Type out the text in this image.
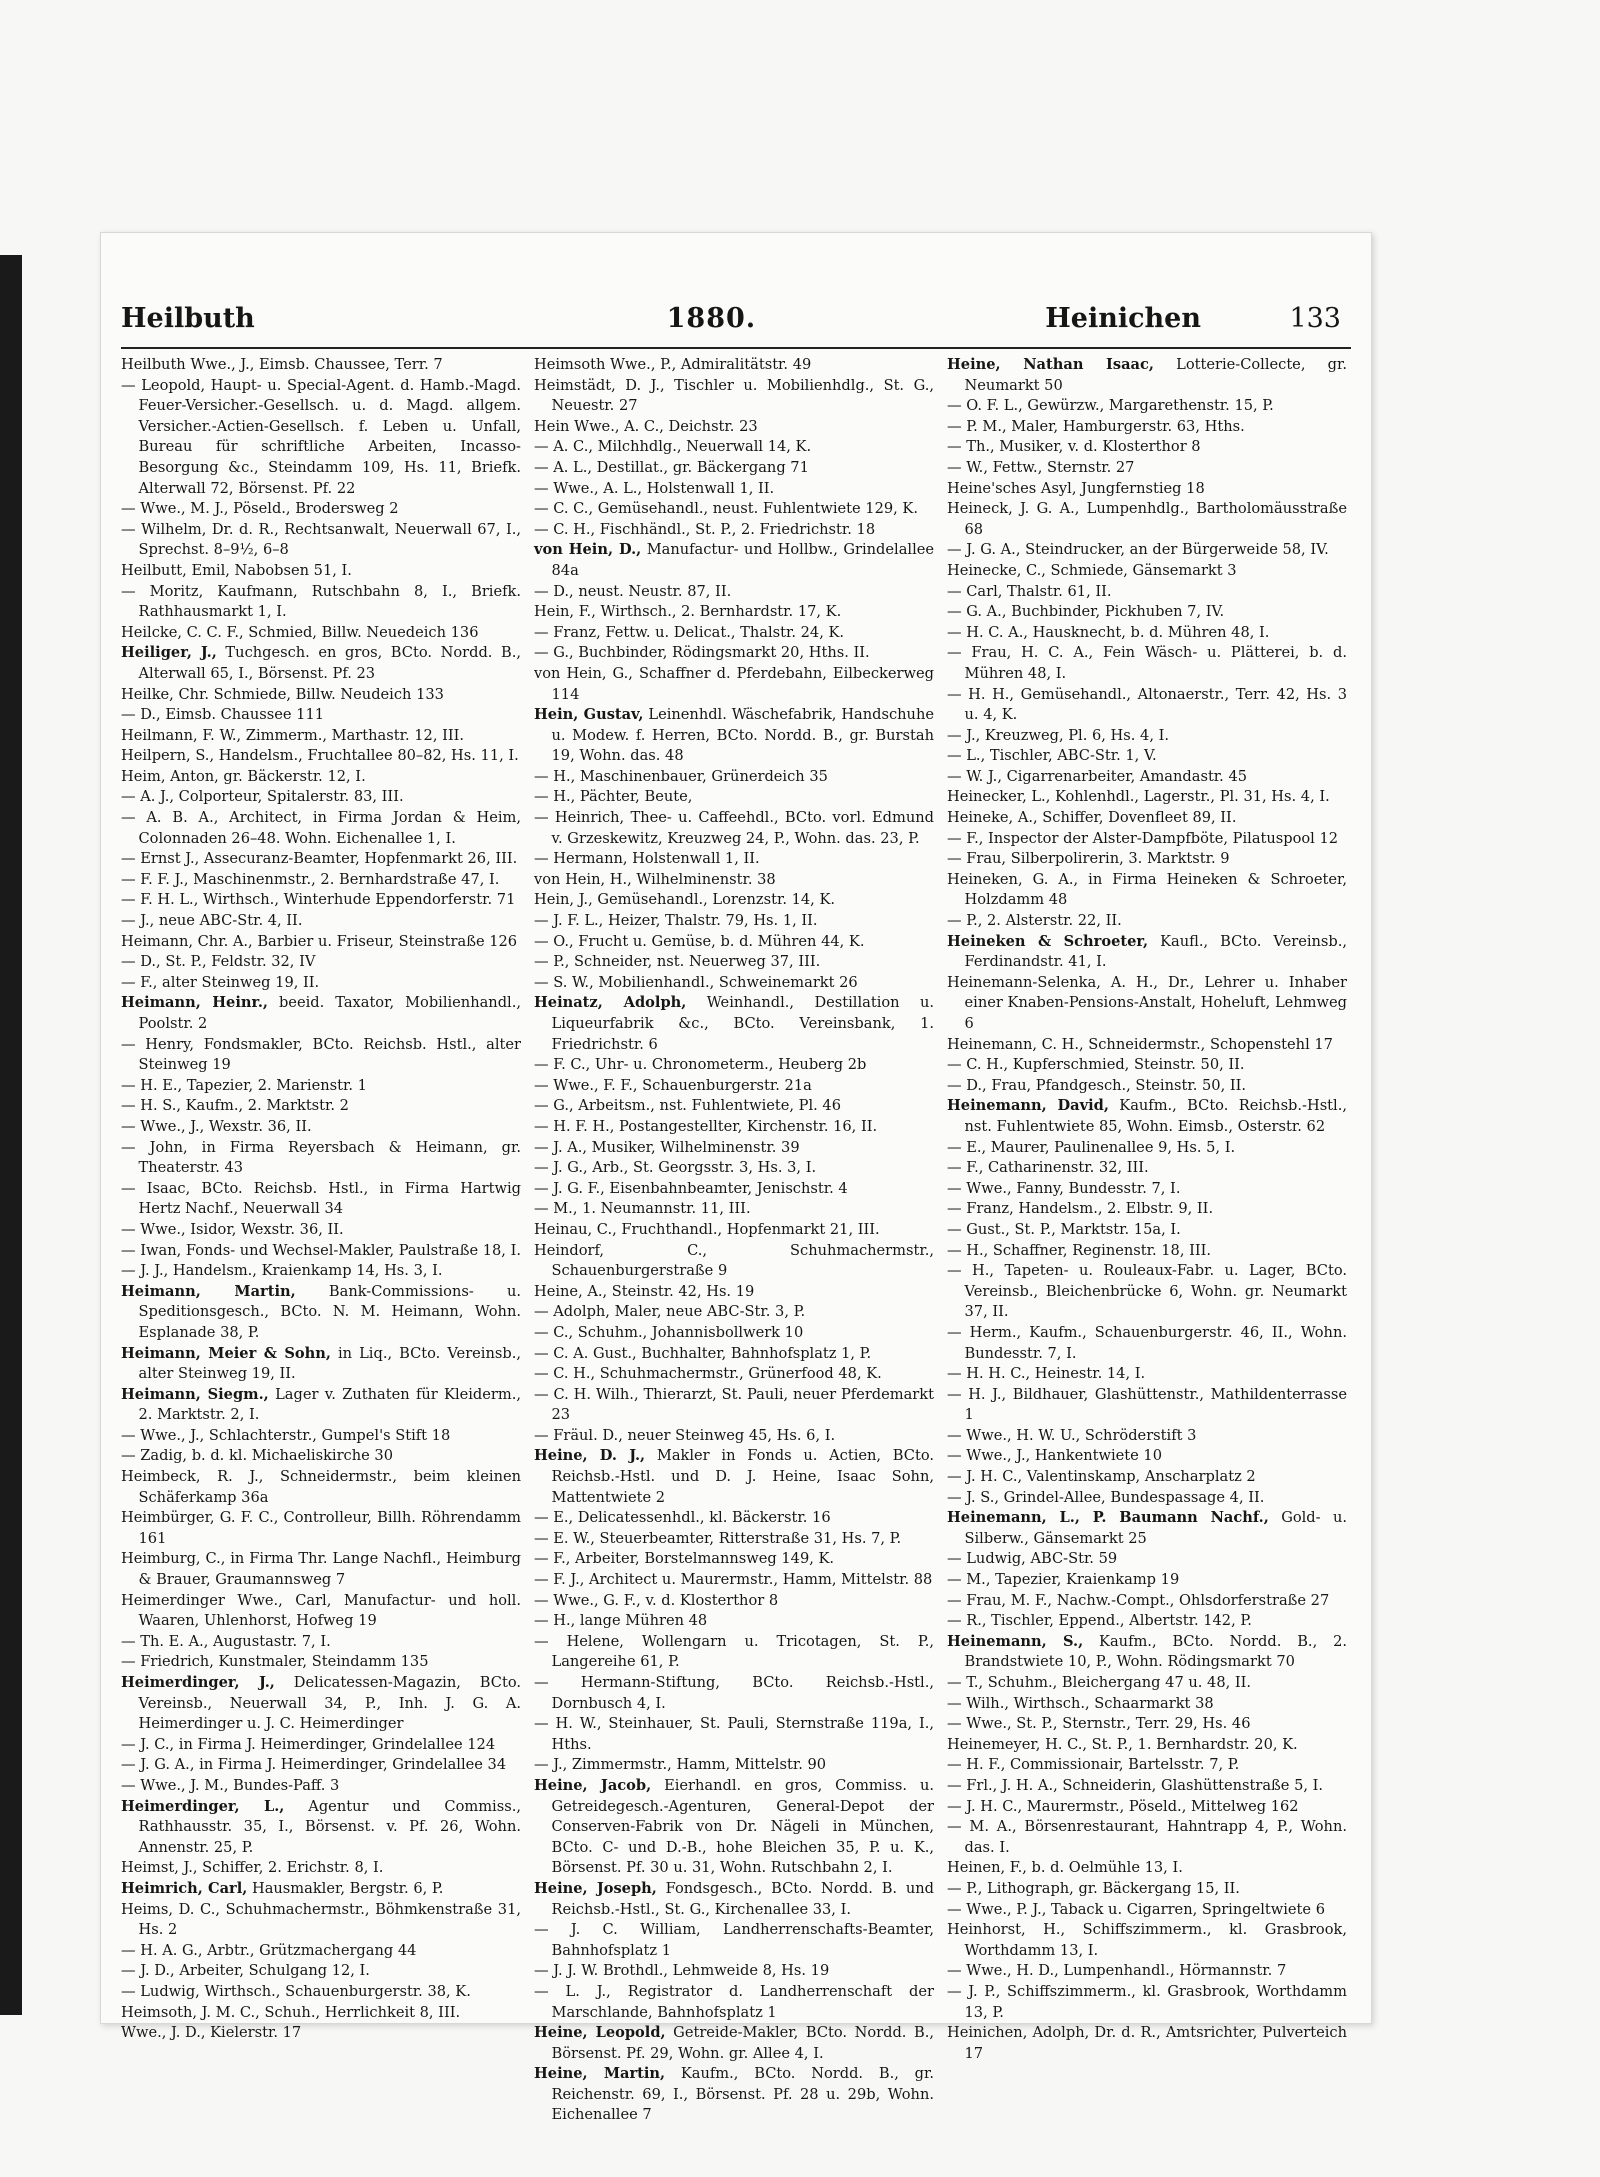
Heilbuth	1880.	Heinichen	133

Heilbuth Wwe., J., Eimsb. Chaussee, Terr. 7

— Leopold, Haupt- u. Special-Agent. d. Hamb.-Magd. Feuer-Versicher.-Gesellsch. u. d. Magd. allgem. Versicher.-Actien-Gesellsch. f. Leben u. Unfall, Bureau für schriftliche Arbeiten, Incasso-Besorgung &c., Steindamm 109, Hs. 11, Briefk. Alterwall 72, Börsenst. Pf. 22

— Wwe., M. J., Pöseld., Brodersweg 2

— Wilhelm, Dr. d. R., Rechtsanwalt, Neuerwall 67, I., Sprechst. 8–9½, 6–8

Heilbutt, Emil, Nabobsen 51, I.

— Moritz, Kaufmann, Rutschbahn 8, I., Briefk. Rathhausmarkt 1, I.

Heilcke, C. C. F., Schmied, Billw. Neuedeich 136

Heiliger, J., Tuchgesch. en gros, BCto. Nordd. B., Alterwall 65, I., Börsenst. Pf. 23

Heilke, Chr. Schmiede, Billw. Neudeich 133

— D., Eimsb. Chaussee 111

Heilmann, F. W., Zimmerm., Marthastr. 12, III.

Heilpern, S., Handelsm., Fruchtallee 80–82, Hs. 11, I.

Heim, Anton, gr. Bäckerstr. 12, I.

— A. J., Colporteur, Spitalerstr. 83, III.

— A. B. A., Architect, in Firma Jordan & Heim, Colonnaden 26–48. Wohn. Eichenallee 1, I.

— Ernst J., Assecuranz-Beamter, Hopfenmarkt 26, III.

— F. F. J., Maschinenmstr., 2. Bernhardstraße 47, I.

— F. H. L., Wirthsch., Winterhude Eppendorferstr. 71

— J., neue ABC-Str. 4, II.

Heimann, Chr. A., Barbier u. Friseur, Steinstraße 126

— D., St. P., Feldstr. 32, IV

— F., alter Steinweg 19, II.

Heimann, Heinr., beeid. Taxator, Mobilienhandl., Poolstr. 2

— Henry, Fondsmakler, BCto. Reichsb. Hstl., alter Steinweg 19

— H. E., Tapezier, 2. Marienstr. 1

— H. S., Kaufm., 2. Marktstr. 2

— Wwe., J., Wexstr. 36, II.

— John, in Firma Reyersbach & Heimann, gr. Theaterstr. 43

— Isaac, BCto. Reichsb. Hstl., in Firma Hartwig Hertz Nachf., Neuerwall 34

— Wwe., Isidor, Wexstr. 36, II.

— Iwan, Fonds- und Wechsel-Makler, Paulstraße 18, I.

— J. J., Handelsm., Kraienkamp 14, Hs. 3, I.

Heimann, Martin, Bank-Commissions- u. Speditionsgesch., BCto. N. M. Heimann, Wohn. Esplanade 38, P.

Heimann, Meier & Sohn, in Liq., BCto. Vereinsb., alter Steinweg 19, II.

Heimann, Siegm., Lager v. Zuthaten für Kleiderm., 2. Marktstr. 2, I.

— Wwe., J., Schlachterstr., Gumpel's Stift 18

— Zadig, b. d. kl. Michaeliskirche 30

Heimbeck, R. J., Schneidermstr., beim kleinen Schäferkamp 36a

Heimbürger, G. F. C., Controlleur, Billh. Röhrendamm 161

Heimburg, C., in Firma Thr. Lange Nachfl., Heimburg & Brauer, Graumannsweg 7

Heimerdinger Wwe., Carl, Manufactur- und holl. Waaren, Uhlenhorst, Hofweg 19

— Th. E. A., Augustastr. 7, I.

— Friedrich, Kunstmaler, Steindamm 135

Heimerdinger, J., Delicatessen-Magazin, BCto. Vereinsb., Neuerwall 34, P., Inh. J. G. A. Heimerdinger u. J. C. Heimerdinger

— J. C., in Firma J. Heimerdinger, Grindelallee 124

— J. G. A., in Firma J. Heimerdinger, Grindelallee 34

— Wwe., J. M., Bundes-Paff. 3

Heimerdinger, L., Agentur und Commiss., Rathhausstr. 35, I., Börsenst. v. Pf. 26, Wohn. Annenstr. 25, P.

Heimst, J., Schiffer, 2. Erichstr. 8, I.

Heimrich, Carl, Hausmakler, Bergstr. 6, P.

Heims, D. C., Schuhmachermstr., Böhmkenstraße 31, Hs. 2

— H. A. G., Arbtr., Grützmachergang 44

— J. D., Arbeiter, Schulgang 12, I.

— Ludwig, Wirthsch., Schauenburgerstr. 38, K.

Heimsoth, J. M. C., Schuh., Herrlichkeit 8, III.

Wwe., J. D., Kielerstr. 17

Heimsoth Wwe., P., Admiralitätstr. 49

Heimstädt, D. J., Tischler u. Mobilienhdlg., St. G., Neuestr. 27

Hein Wwe., A. C., Deichstr. 23

— A. C., Milchhdlg., Neuerwall 14, K.

— A. L., Destillat., gr. Bäckergang 71

— Wwe., A. L., Holstenwall 1, II.

— C. C., Gemüsehandl., neust. Fuhlentwiete 129, K.

— C. H., Fischhändl., St. P., 2. Friedrichstr. 18

von Hein, D., Manufactur- und Hollbw., Grindelallee 84a

— D., neust. Neustr. 87, II.

Hein, F., Wirthsch., 2. Bernhardstr. 17, K.

— Franz, Fettw. u. Delicat., Thalstr. 24, K.

— G., Buchbinder, Rödingsmarkt 20, Hths. II.

von Hein, G., Schaffner d. Pferdebahn, Eilbeckerweg 114

Hein, Gustav, Leinenhdl. Wäschefabrik, Handschuhe u. Modew. f. Herren, BCto. Nordd. B., gr. Burstah 19, Wohn. das. 48

— H., Maschinenbauer, Grünerdeich 35

— H., Pächter, Beute,

— Heinrich, Thee- u. Caffeehdl., BCto. vorl. Edmund v. Grzeskewitz, Kreuzweg 24, P., Wohn. das. 23, P.

— Hermann, Holstenwall 1, II.

von Hein, H., Wilhelminenstr. 38

Hein, J., Gemüsehandl., Lorenzstr. 14, K.

— J. F. L., Heizer, Thalstr. 79, Hs. 1, II.

— O., Frucht u. Gemüse, b. d. Mühren 44, K.

— P., Schneider, nst. Neuerweg 37, III.

— S. W., Mobilienhandl., Schweinemarkt 26

Heinatz, Adolph, Weinhandl., Destillation u. Liqueurfabrik &c., BCto. Vereinsbank, 1. Friedrichstr. 6

— F. C., Uhr- u. Chronometerm., Heuberg 2b

— Wwe., F. F., Schauenburgerstr. 21a

— G., Arbeitsm., nst. Fuhlentwiete, Pl. 46

— H. F. H., Postangestellter, Kirchenstr. 16, II.

— J. A., Musiker, Wilhelminenstr. 39

— J. G., Arb., St. Georgsstr. 3, Hs. 3, I.

— J. G. F., Eisenbahnbeamter, Jenischstr. 4

— M., 1. Neumannstr. 11, III.

Heinau, C., Fruchthandl., Hopfenmarkt 21, III.

Heindorf, C., Schuhmachermstr., Schauenburgerstraße 9

Heine, A., Steinstr. 42, Hs. 19

— Adolph, Maler, neue ABC-Str. 3, P.

— C., Schuhm., Johannisbollwerk 10

— C. A. Gust., Buchhalter, Bahnhofsplatz 1, P.

— C. H., Schuhmachermstr., Grünerfood 48, K.

— C. H. Wilh., Thierarzt, St. Pauli, neuer Pferdemarkt 23

— Fräul. D., neuer Steinweg 45, Hs. 6, I.

Heine, D. J., Makler in Fonds u. Actien, BCto. Reichsb.-Hstl. und D. J. Heine, Isaac Sohn, Mattentwiete 2

— E., Delicatessenhdl., kl. Bäckerstr. 16

— E. W., Steuerbeamter, Ritterstraße 31, Hs. 7, P.

— F., Arbeiter, Borstelmannsweg 149, K.

— F. J., Architect u. Maurermstr., Hamm, Mittelstr. 88

— Wwe., G. F., v. d. Klosterthor 8

— H., lange Mühren 48

— Helene, Wollengarn u. Tricotagen, St. P., Langereihe 61, P.

— Hermann-Stiftung, BCto. Reichsb.-Hstl., Dornbusch 4, I.

— H. W., Steinhauer, St. Pauli, Sternstraße 119a, I., Hths.

— J., Zimmermstr., Hamm, Mittelstr. 90

Heine, Jacob, Eierhandl. en gros, Commiss. u. Getreidegesch.-Agenturen, General-Depot der Conserven-Fabrik von Dr. Nägeli in München, BCto. C- und D.-B., hohe Bleichen 35, P. u. K., Börsenst. Pf. 30 u. 31, Wohn. Rutschbahn 2, I.

Heine, Joseph, Fondsgesch., BCto. Nordd. B. und Reichsb.-Hstl., St. G., Kirchenallee 33, I.

— J. C. William, Landherrenschafts-Beamter, Bahnhofsplatz 1

— J. J. W. Brothdl., Lehmweide 8, Hs. 19

— L. J., Registrator d. Landherrenschaft der Marschlande, Bahnhofsplatz 1

Heine, Leopold, Getreide-Makler, BCto. Nordd. B., Börsenst. Pf. 29, Wohn. gr. Allee 4, I.

Heine, Martin, Kaufm., BCto. Nordd. B., gr. Reichenstr. 69, I., Börsenst. Pf. 28 u. 29b, Wohn. Eichenallee 7

Heine, Nathan Isaac, Lotterie-Collecte, gr. Neumarkt 50

— O. F. L., Gewürzw., Margarethenstr. 15, P.

— P. M., Maler, Hamburgerstr. 63, Hths.

— Th., Musiker, v. d. Klosterthor 8

— W., Fettw., Sternstr. 27

Heine'sches Asyl, Jungfernstieg 18

Heineck, J. G. A., Lumpenhdlg., Bartholomäusstraße 68

— J. G. A., Steindrucker, an der Bürgerweide 58, IV.

Heinecke, C., Schmiede, Gänsemarkt 3

— Carl, Thalstr. 61, II.

— G. A., Buchbinder, Pickhuben 7, IV.

— H. C. A., Hausknecht, b. d. Mühren 48, I.

— Frau, H. C. A., Fein Wäsch- u. Plätterei, b. d. Mühren 48, I.

— H. H., Gemüsehandl., Altonaerstr., Terr. 42, Hs. 3 u. 4, K.

— J., Kreuzweg, Pl. 6, Hs. 4, I.

— L., Tischler, ABC-Str. 1, V.

— W. J., Cigarrenarbeiter, Amandastr. 45

Heinecker, L., Kohlenhdl., Lagerstr., Pl. 31, Hs. 4, I.

Heineke, A., Schiffer, Dovenfleet 89, II.

— F., Inspector der Alster-Dampfböte, Pilatuspool 12

— Frau, Silberpolirerin, 3. Marktstr. 9

Heineken, G. A., in Firma Heineken & Schroeter, Holzdamm 48

— P., 2. Alsterstr. 22, II.

Heineken & Schroeter, Kaufl., BCto. Vereinsb., Ferdinandstr. 41, I.

Heinemann-Selenka, A. H., Dr., Lehrer u. Inhaber einer Knaben-Pensions-Anstalt, Hoheluft, Lehmweg 6

Heinemann, C. H., Schneidermstr., Schopenstehl 17

— C. H., Kupferschmied, Steinstr. 50, II.

— D., Frau, Pfandgesch., Steinstr. 50, II.

Heinemann, David, Kaufm., BCto. Reichsb.-Hstl., nst. Fuhlentwiete 85, Wohn. Eimsb., Osterstr. 62

— E., Maurer, Paulinenallee 9, Hs. 5, I.

— F., Catharinenstr. 32, III.

— Wwe., Fanny, Bundesstr. 7, I.

— Franz, Handelsm., 2. Elbstr. 9, II.

— Gust., St. P., Marktstr. 15a, I.

— H., Schaffner, Reginenstr. 18, III.

— H., Tapeten- u. Rouleaux-Fabr. u. Lager, BCto. Vereinsb., Bleichenbrücke 6, Wohn. gr. Neumarkt 37, II.

— Herm., Kaufm., Schauenburgerstr. 46, II., Wohn. Bundesstr. 7, I.

— H. H. C., Heinestr. 14, I.

— H. J., Bildhauer, Glashüttenstr., Mathildenterrasse 1

— Wwe., H. W. U., Schröderstift 3

— Wwe., J., Hankentwiete 10

— J. H. C., Valentinskamp, Anscharplatz 2

— J. S., Grindel-Allee, Bundespassage 4, II.

Heinemann, L., P. Baumann Nachf., Gold- u. Silberw., Gänsemarkt 25

— Ludwig, ABC-Str. 59

— M., Tapezier, Kraienkamp 19

— Frau, M. F., Nachw.-Compt., Ohlsdorferstraße 27

— R., Tischler, Eppend., Albertstr. 142, P.

Heinemann, S., Kaufm., BCto. Nordd. B., 2. Brandstwiete 10, P., Wohn. Rödingsmarkt 70

— T., Schuhm., Bleichergang 47 u. 48, II.

— Wilh., Wirthsch., Schaarmarkt 38

— Wwe., St. P., Sternstr., Terr. 29, Hs. 46

Heinemeyer, H. C., St. P., 1. Bernhardstr. 20, K.

— H. F., Commissionair, Bartelsstr. 7, P.

— Frl., J. H. A., Schneiderin, Glashüttenstraße 5, I.

— J. H. C., Maurermstr., Pöseld., Mittelweg 162

— M. A., Börsenrestaurant, Hahntrapp 4, P., Wohn. das. I.

Heinen, F., b. d. Oelmühle 13, I.

— P., Lithograph, gr. Bäckergang 15, II.

— Wwe., P. J., Taback u. Cigarren, Springeltwiete 6

Heinhorst, H., Schiffszimmerm., kl. Grasbrook, Worthdamm 13, I.

— Wwe., H. D., Lumpenhandl., Hörmannstr. 7

— J. P., Schiffszimmerm., kl. Grasbrook, Worthdamm 13, P.

Heinichen, Adolph, Dr. d. R., Amtsrichter, Pulverteich 17
